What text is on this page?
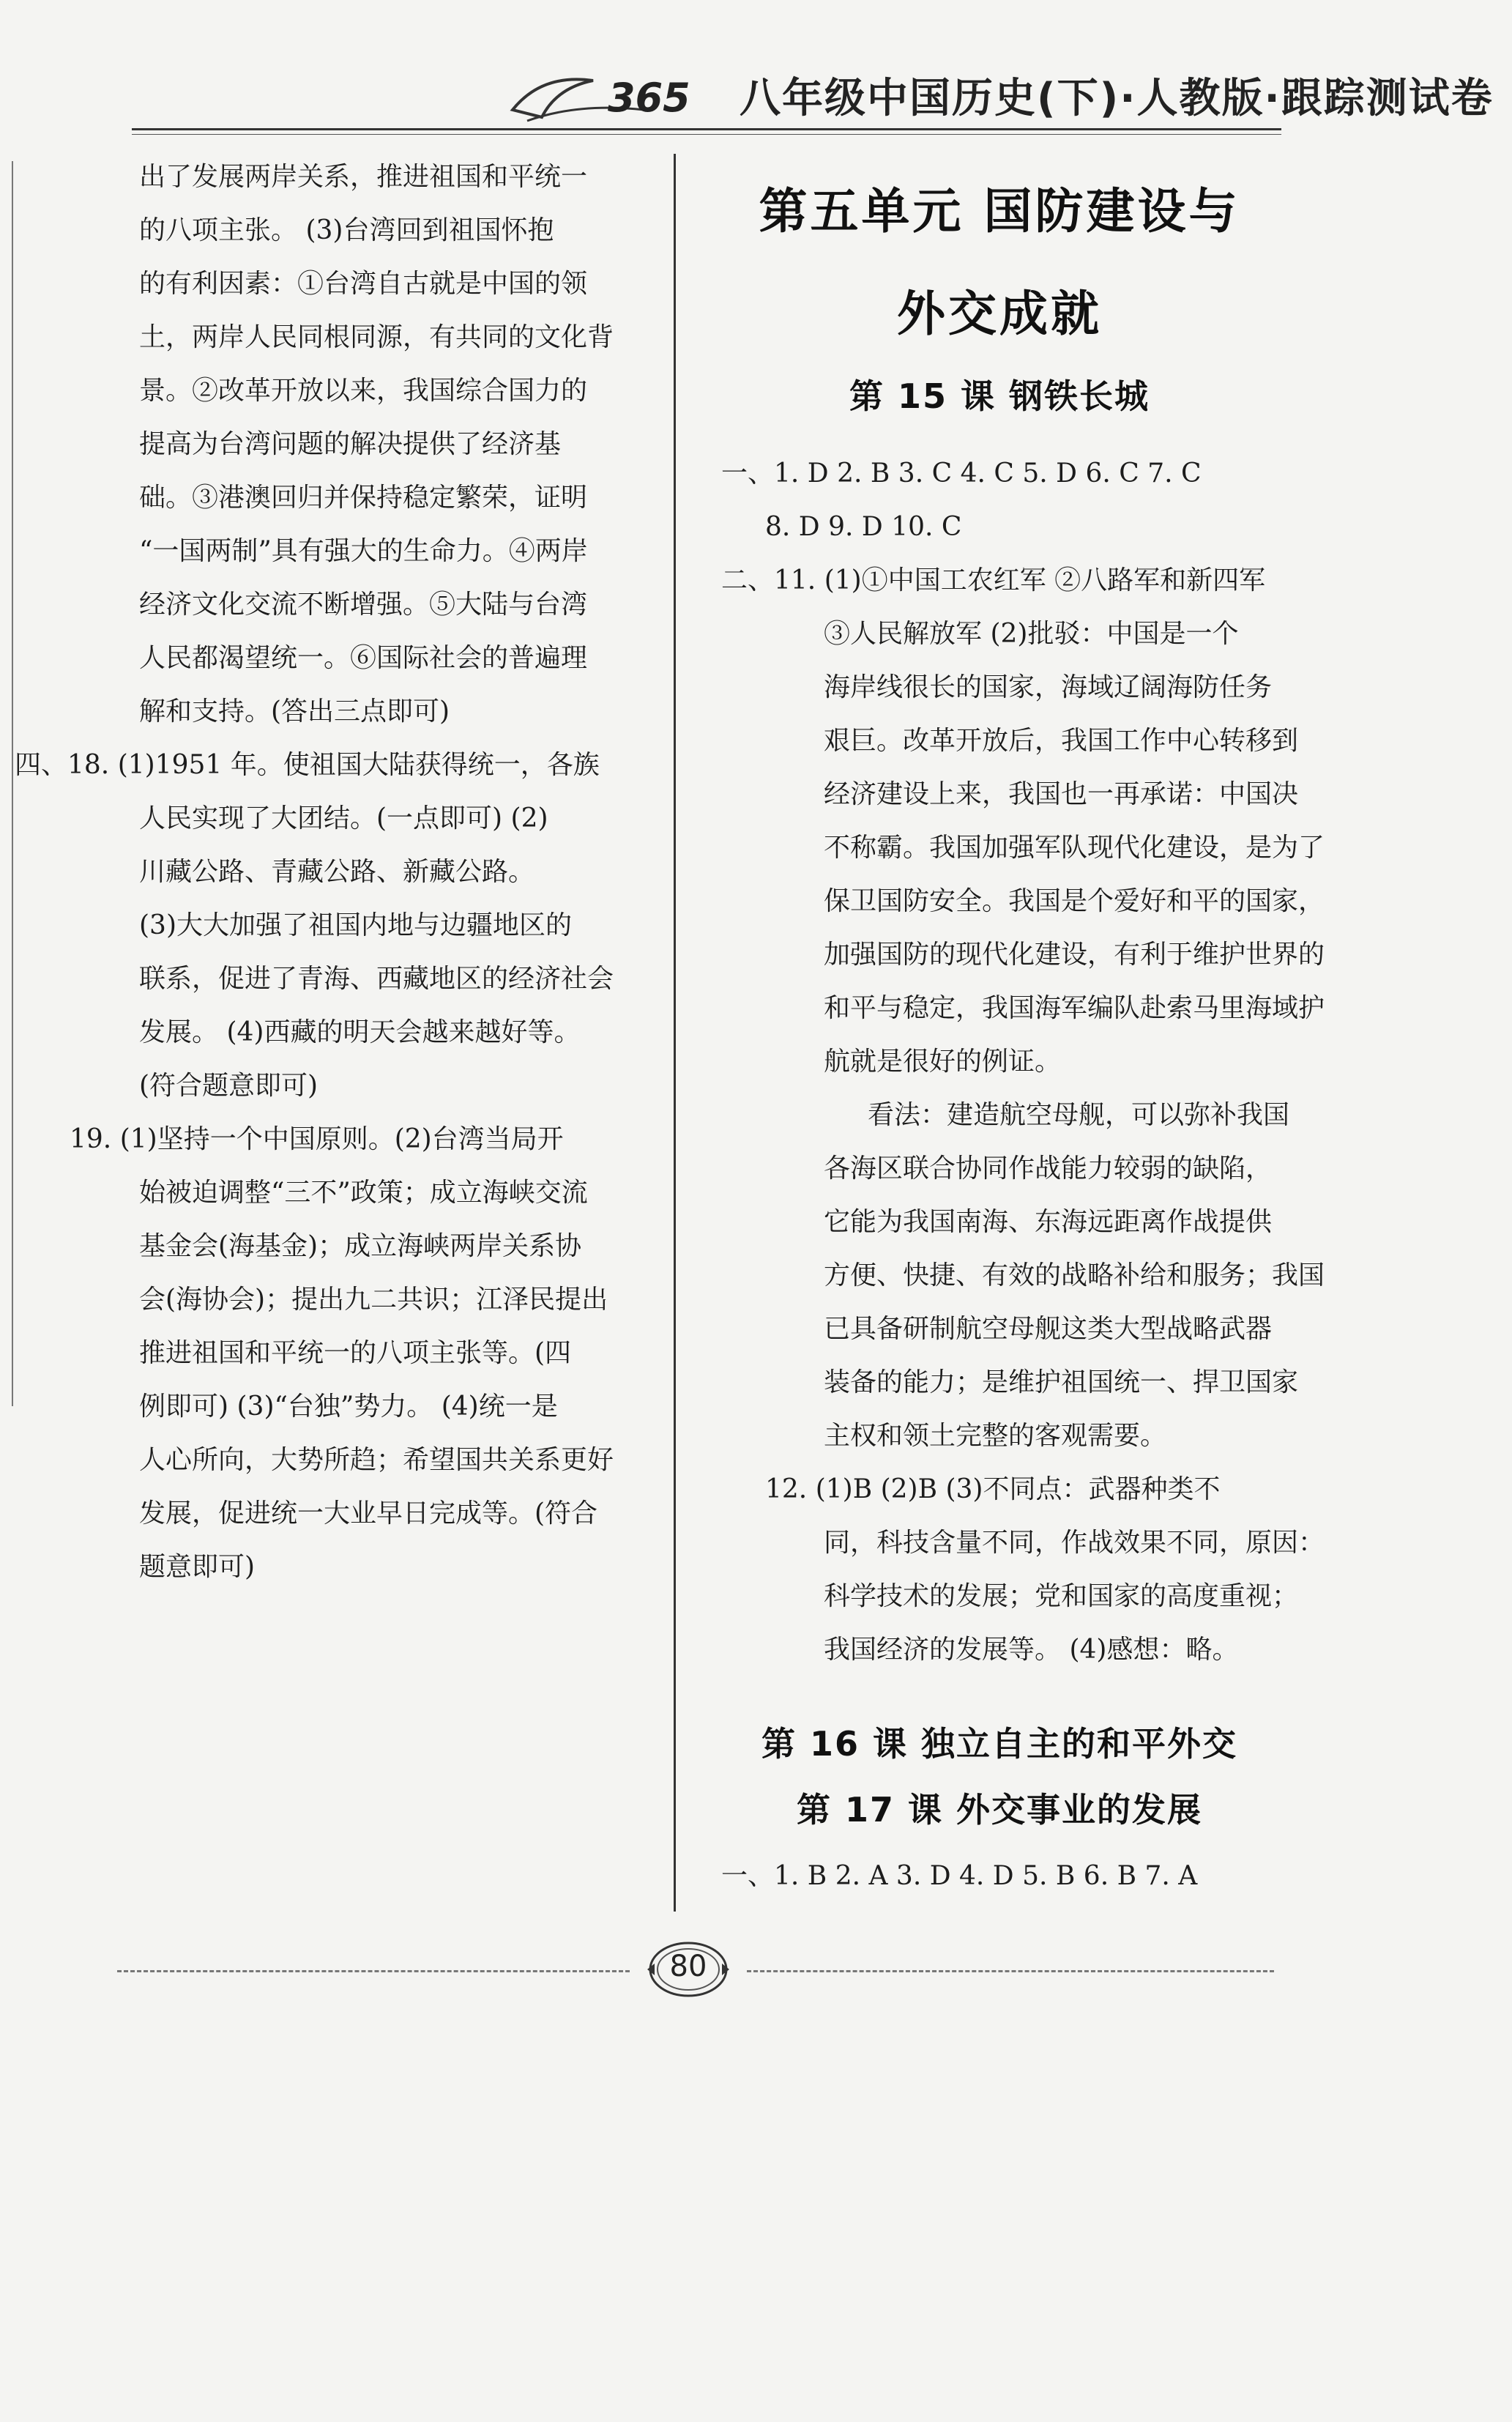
365 八年级中国历史(下)·人教版·跟踪测试卷
出了发展两岸关系，推进祖国和平统一
的八项主张。 (3)台湾回到祖国怀抱
的有利因素：①台湾自古就是中国的领
土，两岸人民同根同源，有共同的文化背
景。②改革开放以来，我国综合国力的
提高为台湾问题的解决提供了经济基
础。③港澳回归并保持稳定繁荣，证明
“一国两制”具有强大的生命力。④两岸
经济文化交流不断增强。⑤大陆与台湾
人民都渴望统一。⑥国际社会的普遍理
解和支持。(答出三点即可)
四、18. (1)1951 年。使祖国大陆获得统一，各族
人民实现了大团结。(一点即可) (2)
川藏公路、青藏公路、新藏公路。
(3)大大加强了祖国内地与边疆地区的
联系，促进了青海、西藏地区的经济社会
发展。 (4)西藏的明天会越来越好等。
(符合题意即可)
19. (1)坚持一个中国原则。(2)台湾当局开
始被迫调整“三不”政策；成立海峡交流
基金会(海基金)；成立海峡两岸关系协
会(海协会)；提出九二共识；江泽民提出
推进祖国和平统一的八项主张等。(四
例即可) (3)“台独”势力。 (4)统一是
人心所向，大势所趋；希望国共关系更好
发展，促进统一大业早日完成等。(符合
题意即可)
第五单元 国防建设与
外交成就
第 15 课 钢铁长城
一、1. D 2. B 3. C 4. C 5. D 6. C 7. C
8. D 9. D 10. C
二、11. (1)①中国工农红军 ②八路军和新四军
③人民解放军 (2)批驳：中国是一个
海岸线很长的国家，海域辽阔海防任务
艰巨。改革开放后，我国工作中心转移到
经济建设上来，我国也一再承诺：中国决
不称霸。我国加强军队现代化建设，是为了
保卫国防安全。我国是个爱好和平的国家，
加强国防的现代化建设，有利于维护世界的
和平与稳定，我国海军编队赴索马里海域护
航就是很好的例证。
看法：建造航空母舰，可以弥补我国
各海区联合协同作战能力较弱的缺陷，
它能为我国南海、东海远距离作战提供
方便、快捷、有效的战略补给和服务；我国
已具备研制航空母舰这类大型战略武器
装备的能力；是维护祖国统一、捍卫国家
主权和领土完整的客观需要。
12. (1)B (2)B (3)不同点：武器种类不
同，科技含量不同，作战效果不同，原因：
科学技术的发展；党和国家的高度重视；
我国经济的发展等。 (4)感想：略。
第 16 课 独立自主的和平外交
第 17 课 外交事业的发展
一、1. B 2. A 3. D 4. D 5. B 6. B 7. A
80
